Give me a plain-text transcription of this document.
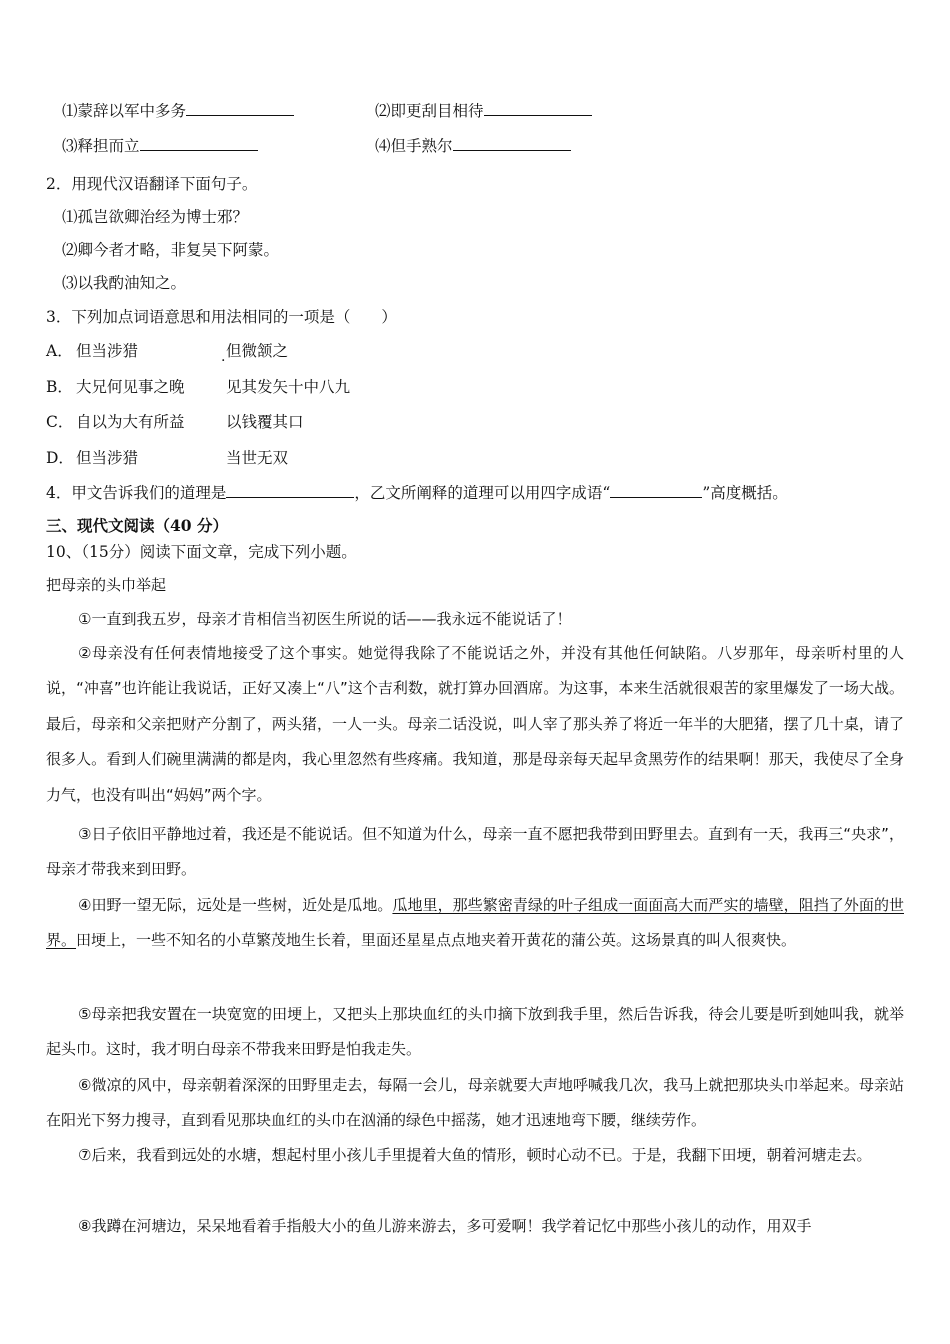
⑴蒙辞以军中多务	⑵即更刮目相待
⑶释担而立	⑷但手熟尔
2．用现代汉语翻译下面句子。
⑴孤岂欲卿治经为博士邪？
⑵卿今者才略，非复吴下阿蒙。
⑶以我酌油知之。
3．下列加点词语意思和用法相同的一项是（　　）
A． 但当涉猎.	但微颔之
B． 大兄何见事之晚	见其发矢十中八九
C． 自以为大有所益	以钱覆其口
D． 但当涉猎	当世无双
4．甲文告诉我们的道理是	，乙文所阐释的道理可以用四字成语“	”高度概括。
三、现代文阅读（40 分）
10、（15分）阅读下面文章，完成下列小题。
把母亲的头巾举起
①一直到我五岁，母亲才肯相信当初医生所说的话——我永远不能说话了！
②母亲没有任何表情地接受了这个事实。她觉得我除了不能说话之外，并没有其他任何缺陷。八岁那年，母亲听村里的人说，“冲喜”也许能让我说话，正好又凑上“八”这个吉利数，就打算办回酒席。为这事，本来生活就很艰苦的家里爆发了一场大战。最后，母亲和父亲把财产分割了，两头猪，一人一头。母亲二话没说，叫人宰了那头养了将近一年半的大肥猪，摆了几十桌，请了很多人。看到人们碗里满满的都是肉，我心里忽然有些疼痛。我知道，那是母亲每天起早贪黑劳作的结果啊！那天，我使尽了全身力气，也没有叫出“妈妈”两个字。
③日子依旧平静地过着，我还是不能说话。但不知道为什么，母亲一直不愿把我带到田野里去。直到有一天，我再三“央求”，母亲才带我来到田野。
④田野一望无际，远处是一些树，近处是瓜地。瓜地里，那些繁密青绿的叶子组成一面面高大而严实的墙壁，阻挡了外面的世界。田埂上，一些不知名的小草繁茂地生长着，里面还星星点点地夹着开黄花的蒲公英。这场景真的叫人很爽快。
⑤母亲把我安置在一块宽宽的田埂上，又把头上那块血红的头巾摘下放到我手里，然后告诉我，待会儿要是听到她叫我，就举起头巾。这时，我才明白母亲不带我来田野是怕我走失。
⑥微凉的风中，母亲朝着深深的田野里走去，每隔一会儿，母亲就要大声地呼喊我几次，我马上就把那块头巾举起来。母亲站在阳光下努力搜寻，直到看见那块血红的头巾在汹涌的绿色中摇荡，她才迅速地弯下腰，继续劳作。
⑦后来，我看到远处的水塘，想起村里小孩儿手里提着大鱼的情形，顿时心动不已。于是，我翻下田埂，朝着河塘走去。
⑧我蹲在河塘边，呆呆地看着手指般大小的鱼儿游来游去，多可爱啊！我学着记忆中那些小孩儿的动作，用双手
